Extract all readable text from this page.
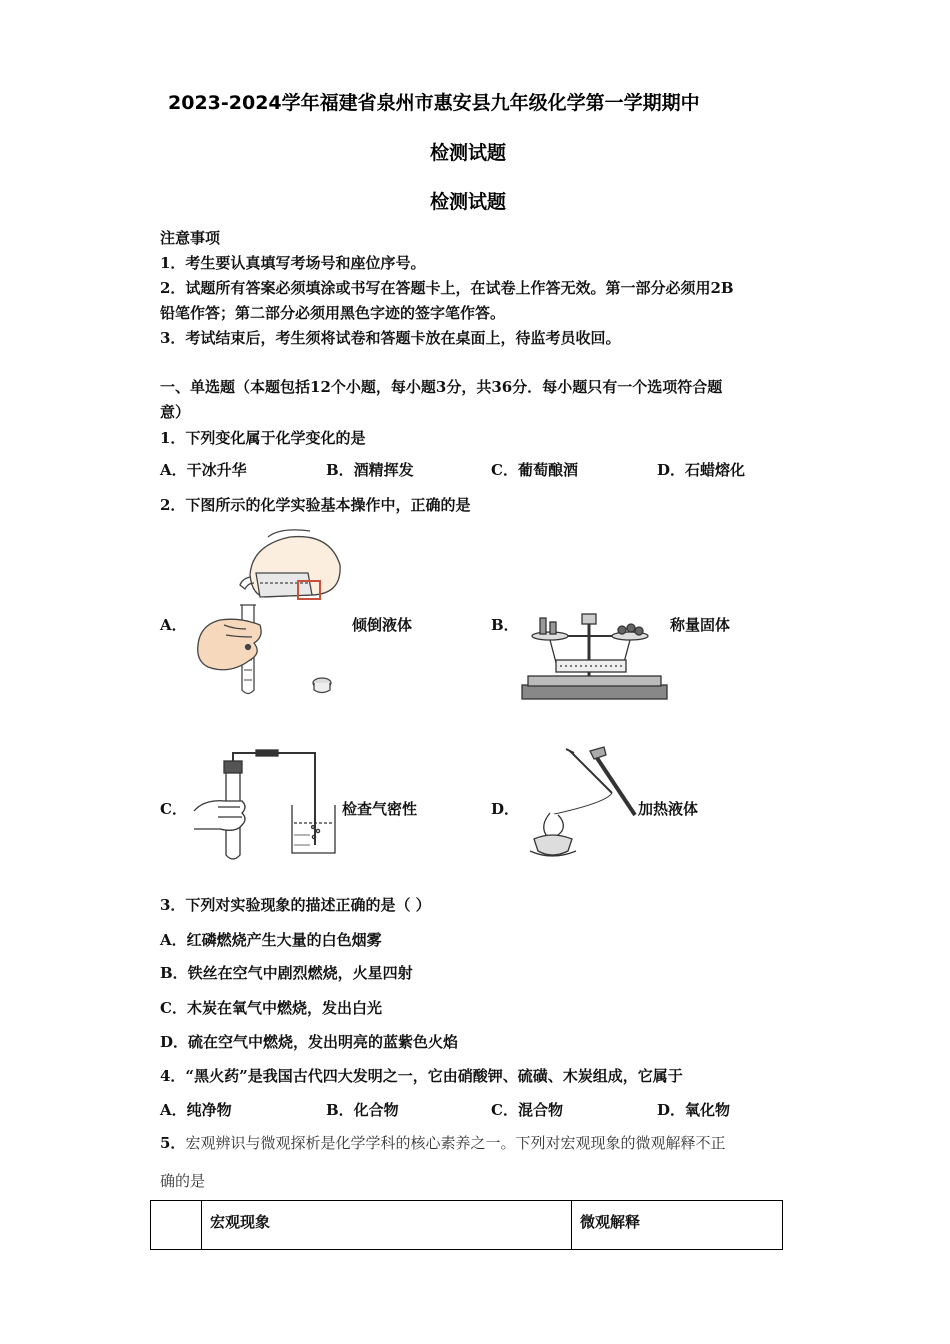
2023-2024学年福建省泉州市惠安县九年级化学第一学期期中
检测试题
检测试题
注意事项
1．考生要认真填写考场号和座位序号。
2．试题所有答案必须填涂或书写在答题卡上，在试卷上作答无效。第一部分必须用2B
铅笔作答；第二部分必须用黑色字迹的签字笔作答。
3．考试结束后，考生须将试卷和答题卡放在桌面上，待监考员收回。
一、单选题（本题包括12个小题，每小题3分，共36分．每小题只有一个选项符合题
意）
1．下列变化属于化学变化的是
A．干冰升华	B．酒精挥发	C．葡萄酿酒	D．石蜡熔化
2．下图所示的化学实验基本操作中，正确的是
A．	倾倒液体	B．	称量固体
C．	检查气密性	D．	加热液体
3．下列对实验现象的描述正确的是（ ）
A．红磷燃烧产生大量的白色烟雾
B．铁丝在空气中剧烈燃烧，火星四射
C．木炭在氧气中燃烧，发出白光
D．硫在空气中燃烧，发出明亮的蓝紫色火焰
4．“黑火药”是我国古代四大发明之一，它由硝酸钾、硫磺、木炭组成，它属于
A．纯净物	B．化合物	C．混合物	D．氧化物
5．宏观辨识与微观探析是化学学科的核心素养之一。下列对宏观现象的微观解释不正
确的是
	宏观现象	微观解释
